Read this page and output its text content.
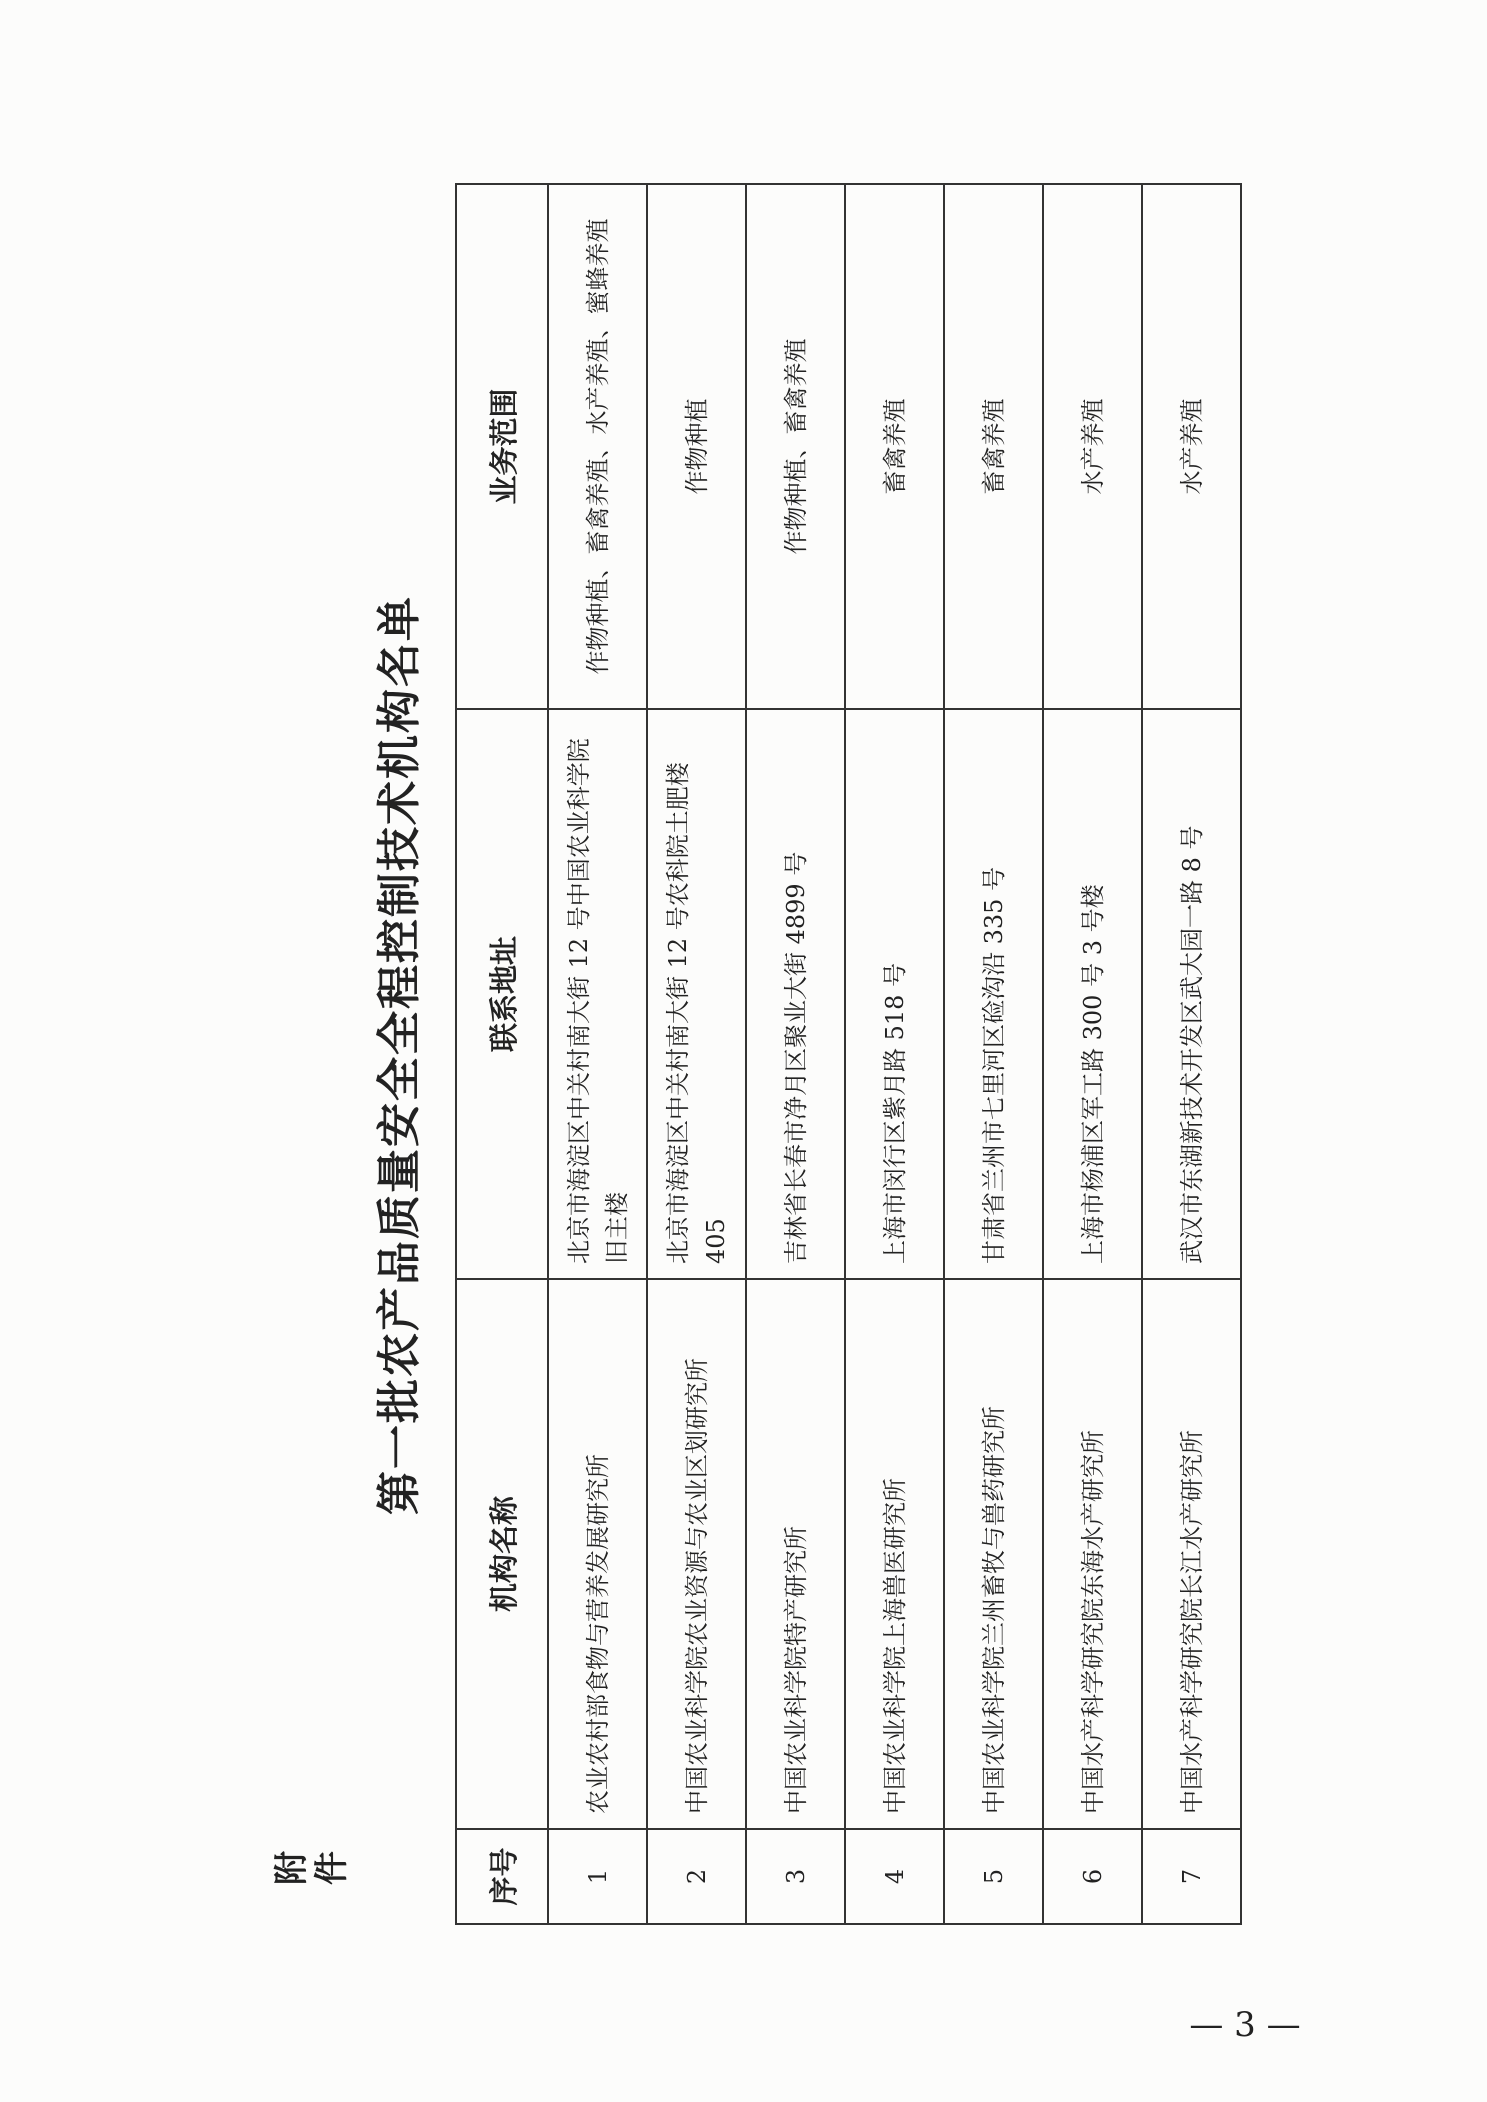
附件
第一批农产品质量安全全程控制技术机构名单
序号	机构名称	联系地址	业务范围
1	农业农村部食物与营养发展研究所	北京市海淀区中关村南大街 12 号中国农业科学院旧主楼	作物种植、畜禽养殖、水产养殖、蜜蜂养殖
2	中国农业科学院农业资源与农业区划研究所	北京市海淀区中关村南大街 12 号农科院土肥楼 405	作物种植
3	中国农业科学院特产研究所	吉林省长春市净月区聚业大街 4899 号	作物种植、畜禽养殖
4	中国农业科学院上海兽医研究所	上海市闵行区紫月路 518 号	畜禽养殖
5	中国农业科学院兰州畜牧与兽药研究所	甘肃省兰州市七里河区硷沟沿 335 号	畜禽养殖
6	中国水产科学研究院东海水产研究所	上海市杨浦区军工路 300 号 3 号楼	水产养殖
7	中国水产科学研究院长江水产研究所	武汉市东湖新技术开发区武大园一路 8 号	水产养殖
— 3 —
